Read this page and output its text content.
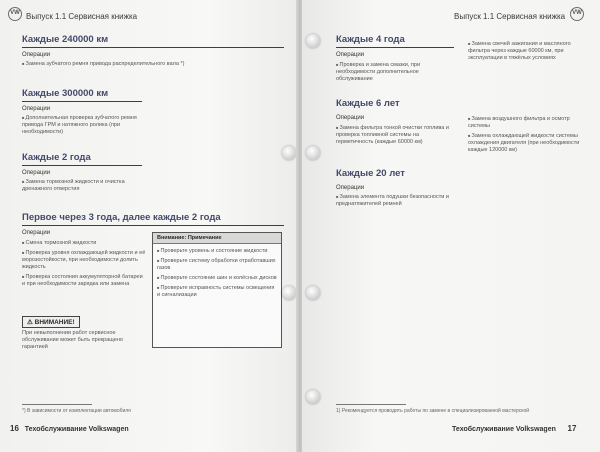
VW
Выпуск 1.1 Сервисная книжка
Каждые 240000 км
Операции

■ Замена зубчатого ремня привода распределительного вала *)

Каждые 300000 км
Операции

■ Дополнительная проверка зубчатого ремня привода ГРМ и натяжного ролика (при необходимости)

Каждые 2 года
Операции

■ Замена тормозной жидкости и очистка дренажного отверстия

Первое через 3 года, далее каждые 2 года
Операции

■ Смена тормозной жидкости

■ Проверка уровня охлаждающей жидкости и её морозостойкости, при необходимости долить жидкость

■ Проверка состояния аккумуляторной батареи и при необходимости зарядка или замена

Внимание: Примечание

■ Проверьте уровень и состояние жидкости

■ Проверьте систему обработки отработавших газов

■ Проверьте состояние шин и колёсных дисков

■ Проверьте исправность системы освещения и сигнализации

⚠ ВНИМАНИЕ!
При невыполнении работ сервисное обслуживание может быть прекращено гарантией
*) В зависимости от комплектации автомобиля
16 Техобслуживание Volkswagen
Выпуск 1.1 Сервисная книжка
VW
Каждые 4 года
Операции

■ Проверка и замена смазки, при необходимости дополнительное обслуживание

■ Замена свечей зажигания и масляного фильтра через каждые 60000 км, при эксплуатации в тяжёлых условиях

Каждые 6 лет
Операции

■ Замена фильтра тонкой очистки топлива и проверка топливной системы на герметичность (каждые 60000 км)

■ Замена воздушного фильтра и осмотр системы

■ Замена охлаждающей жидкости системы охлаждения двигателя (при необходимости каждые 120000 км)

Каждые 20 лет
Операции

■ Замена элемента подушки безопасности и преднатяжителей ремней

1) Рекомендуется проводить работы по замене в специализированной мастерской
Техобслуживание Volkswagen 17
